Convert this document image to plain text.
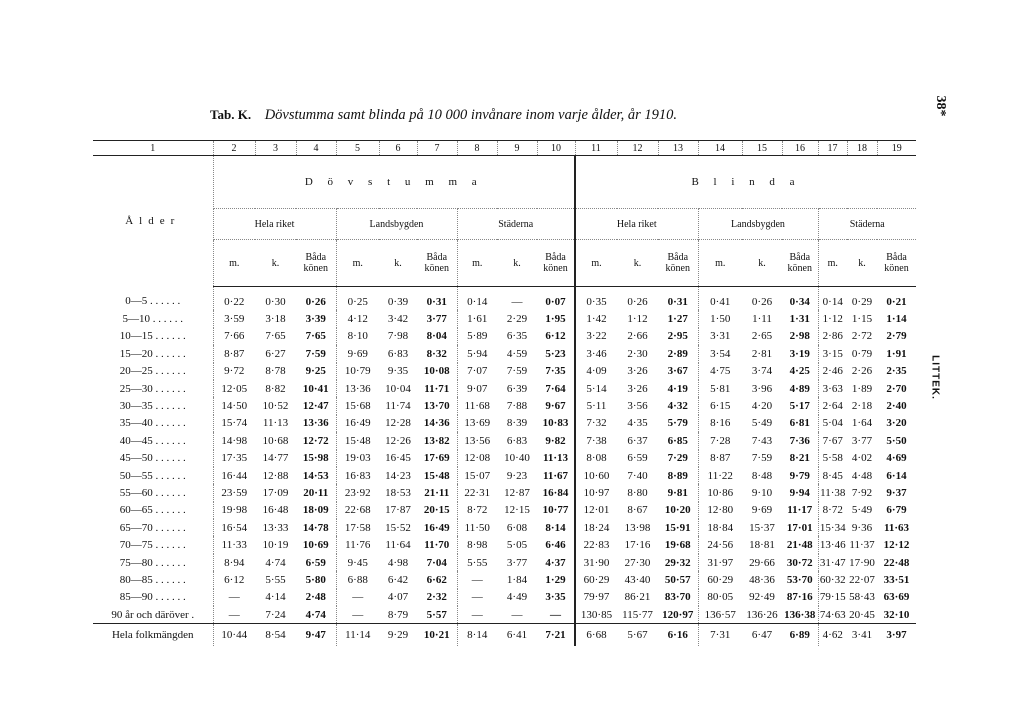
Tab. K. Dövstumma samt blinda på 10 000 invånare inom varje ålder, år 1910.	38*
LITTEK.
1	2	3	4	5	6	7	8	9	10	11	12	13	14	15	16	17	18	19
Ålder	D ö v s t u m m a									B l i n d a								
	Hela riket			Landsbygden			Städerna			Hela riket			Landsbygden			Städerna		
	m.	k.	Båda
könen	m.	k.	Båda
könen	m.	k.	Båda
könen	m.	k.	Båda
könen	m.	k.	Båda
könen	m.	k.	Båda
könen
0—5 . . . . . .	0·22	0·30	0·26	0·25	0·39	0·31	0·14	—	0·07	0·35	0·26	0·31	0·41	0·26	0·34	0·14	0·29	0·21
5—10 . . . . . .	3·59	3·18	3·39	4·12	3·42	3·77	1·61	2·29	1·95	1·42	1·12	1·27	1·50	1·11	1·31	1·12	1·15	1·14
10—15 . . . . . .	7·66	7·65	7·65	8·10	7·98	8·04	5·89	6·35	6·12	3·22	2·66	2·95	3·31	2·65	2·98	2·86	2·72	2·79
15—20 . . . . . .	8·87	6·27	7·59	9·69	6·83	8·32	5·94	4·59	5·23	3·46	2·30	2·89	3·54	2·81	3·19	3·15	0·79	1·91
20—25 . . . . . .	9·72	8·78	9·25	10·79	9·35	10·08	7·07	7·59	7·35	4·09	3·26	3·67	4·75	3·74	4·25	2·46	2·26	2·35
25—30 . . . . . .	12·05	8·82	10·41	13·36	10·04	11·71	9·07	6·39	7·64	5·14	3·26	4·19	5·81	3·96	4·89	3·63	1·89	2·70
30—35 . . . . . .	14·50	10·52	12·47	15·68	11·74	13·70	11·68	7·88	9·67	5·11	3·56	4·32	6·15	4·20	5·17	2·64	2·18	2·40
35—40 . . . . . .	15·74	11·13	13·36	16·49	12·28	14·36	13·69	8·39	10·83	7·32	4·35	5·79	8·16	5·49	6·81	5·04	1·64	3·20
40—45 . . . . . .	14·98	10·68	12·72	15·48	12·26	13·82	13·56	6·83	9·82	7·38	6·37	6·85	7·28	7·43	7·36	7·67	3·77	5·50
45—50 . . . . . .	17·35	14·77	15·98	19·03	16·45	17·69	12·08	10·40	11·13	8·08	6·59	7·29	8·87	7·59	8·21	5·58	4·02	4·69
50—55 . . . . . .	16·44	12·88	14·53	16·83	14·23	15·48	15·07	9·23	11·67	10·60	7·40	8·89	11·22	8·48	9·79	8·45	4·48	6·14
55—60 . . . . . .	23·59	17·09	20·11	23·92	18·53	21·11	22·31	12·87	16·84	10·97	8·80	9·81	10·86	9·10	9·94	11·38	7·92	9·37
60—65 . . . . . .	19·98	16·48	18·09	22·68	17·87	20·15	8·72	12·15	10·77	12·01	8·67	10·20	12·80	9·69	11·17	8·72	5·49	6·79
65—70 . . . . . .	16·54	13·33	14·78	17·58	15·52	16·49	11·50	6·08	8·14	18·24	13·98	15·91	18·84	15·37	17·01	15·34	9·36	11·63
70—75 . . . . . .	11·33	10·19	10·69	11·76	11·64	11·70	8·98	5·05	6·46	22·83	17·16	19·68	24·56	18·81	21·48	13·46	11·37	12·12
75—80 . . . . . .	8·94	4·74	6·59	9·45	4·98	7·04	5·55	3·77	4·37	31·90	27·30	29·32	31·97	29·66	30·72	31·47	17·90	22·48
80—85 . . . . . .	6·12	5·55	5·80	6·88	6·42	6·62	—	1·84	1·29	60·29	43·40	50·57	60·29	48·36	53·70	60·32	22·07	33·51
85—90 . . . . . .	—	4·14	2·48	—	4·07	2·32	—	4·49	3·35	79·97	86·21	83·70	80·05	92·49	87·16	79·15	58·43	63·69
90 år och däröver .	—	7·24	4·74	—	8·79	5·57	—	—	—	130·85	115·77	120·97	136·57	136·26	136·38	74·63	20·45	32·10
Hela folkmängden	10·44	8·54	9·47	11·14	9·29	10·21	8·14	6·41	7·21	6·68	5·67	6·16	7·31	6·47	6·89	4·62	3·41	3·97
